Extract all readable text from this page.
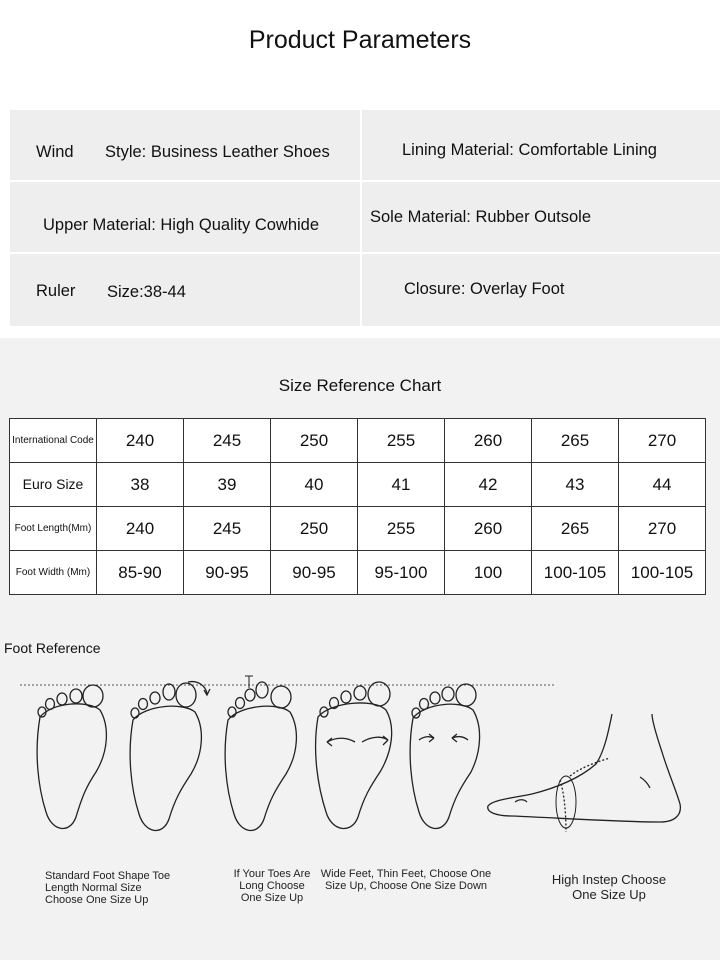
Product Parameters
Wind Style: Business Leather Shoes	Lining Material: Comfortable Lining
Upper Material: High Quality Cowhide	Sole Material: Rubber Outsole
Ruler Size:38-44	Closure: Overlay Foot
Size Reference Chart
International Code	240	245	250	255	260	265	270
Euro Size	38	39	40	41	42	43	44
Foot Length(Mm)	240	245	250	255	260	265	270
Foot Width (Mm)	85-90	90-95	90-95	95-100	100	100-105	100-105
Foot Reference
Standard Foot Shape Toe Length Normal Size Choose One Size Up
If Your Toes Are Long Choose One Size Up
Wide Feet, Thin Feet, Choose One Size Up, Choose One Size Down	High Instep Choose One Size Up
